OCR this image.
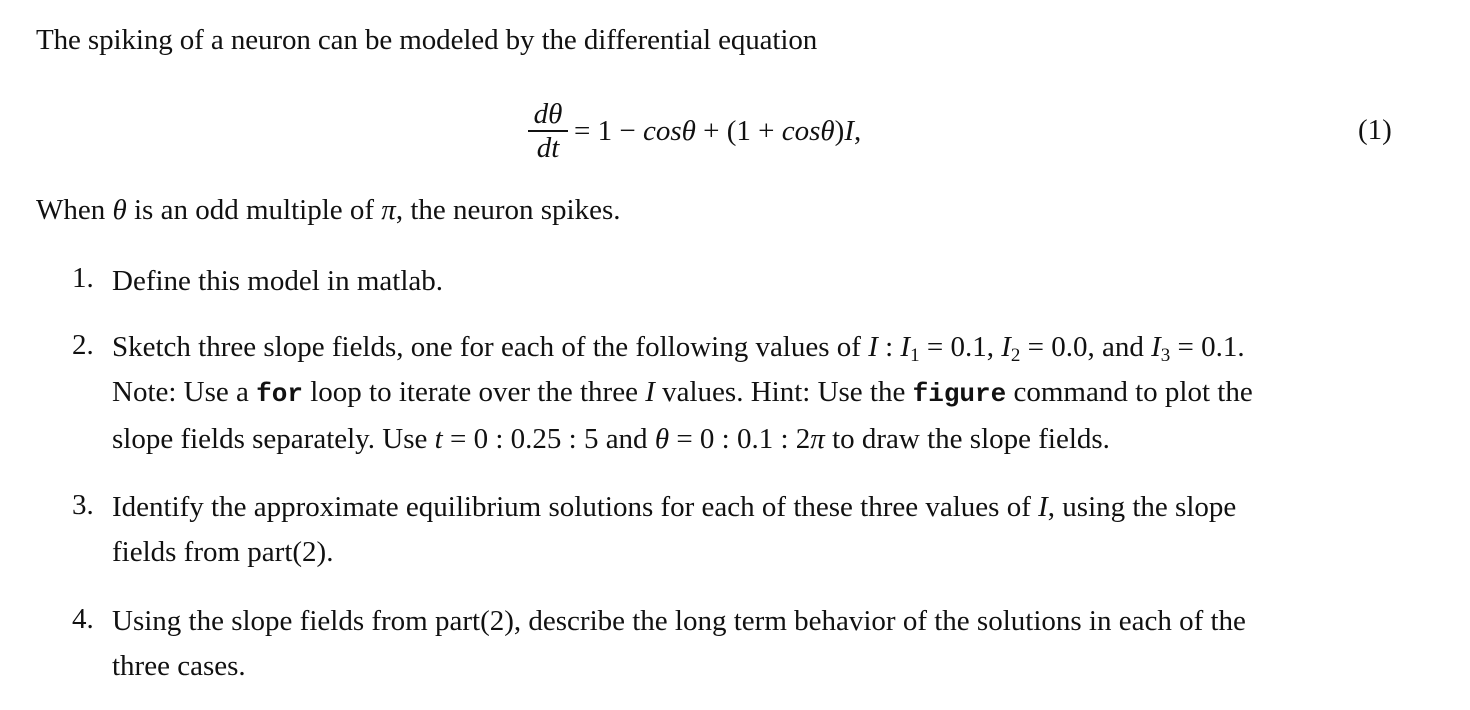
The spiking of a neuron can be modeled by the differential equation
$\frac{d\theta}{dt} = 1 - \cos\theta + (1 + \cos\theta$ ) I ,	(1)
When θ is an odd multiple of π, the neuron spikes.
1. Define this model in matlab.
2. Sketch three slope fields, one for each of the following values of I : $I_1 = 0.1$, $I_2 = 0.0$, and $I_3 = 0.1$.
Note: Use a for loop to iterate over the three I values. Hint: Use the figure command to plot the
slope fields separately. Use t = 0 : 0.25 : 5 and θ = 0 : 0.1 : 2π to draw the slope fields.
3. Identify the approximate equilibrium solutions for each of these three values of I, using the slope
fields from part(2).
4. Using the slope fields from part(2), describe the long term behavior of the solutions in each of the
three cases.
